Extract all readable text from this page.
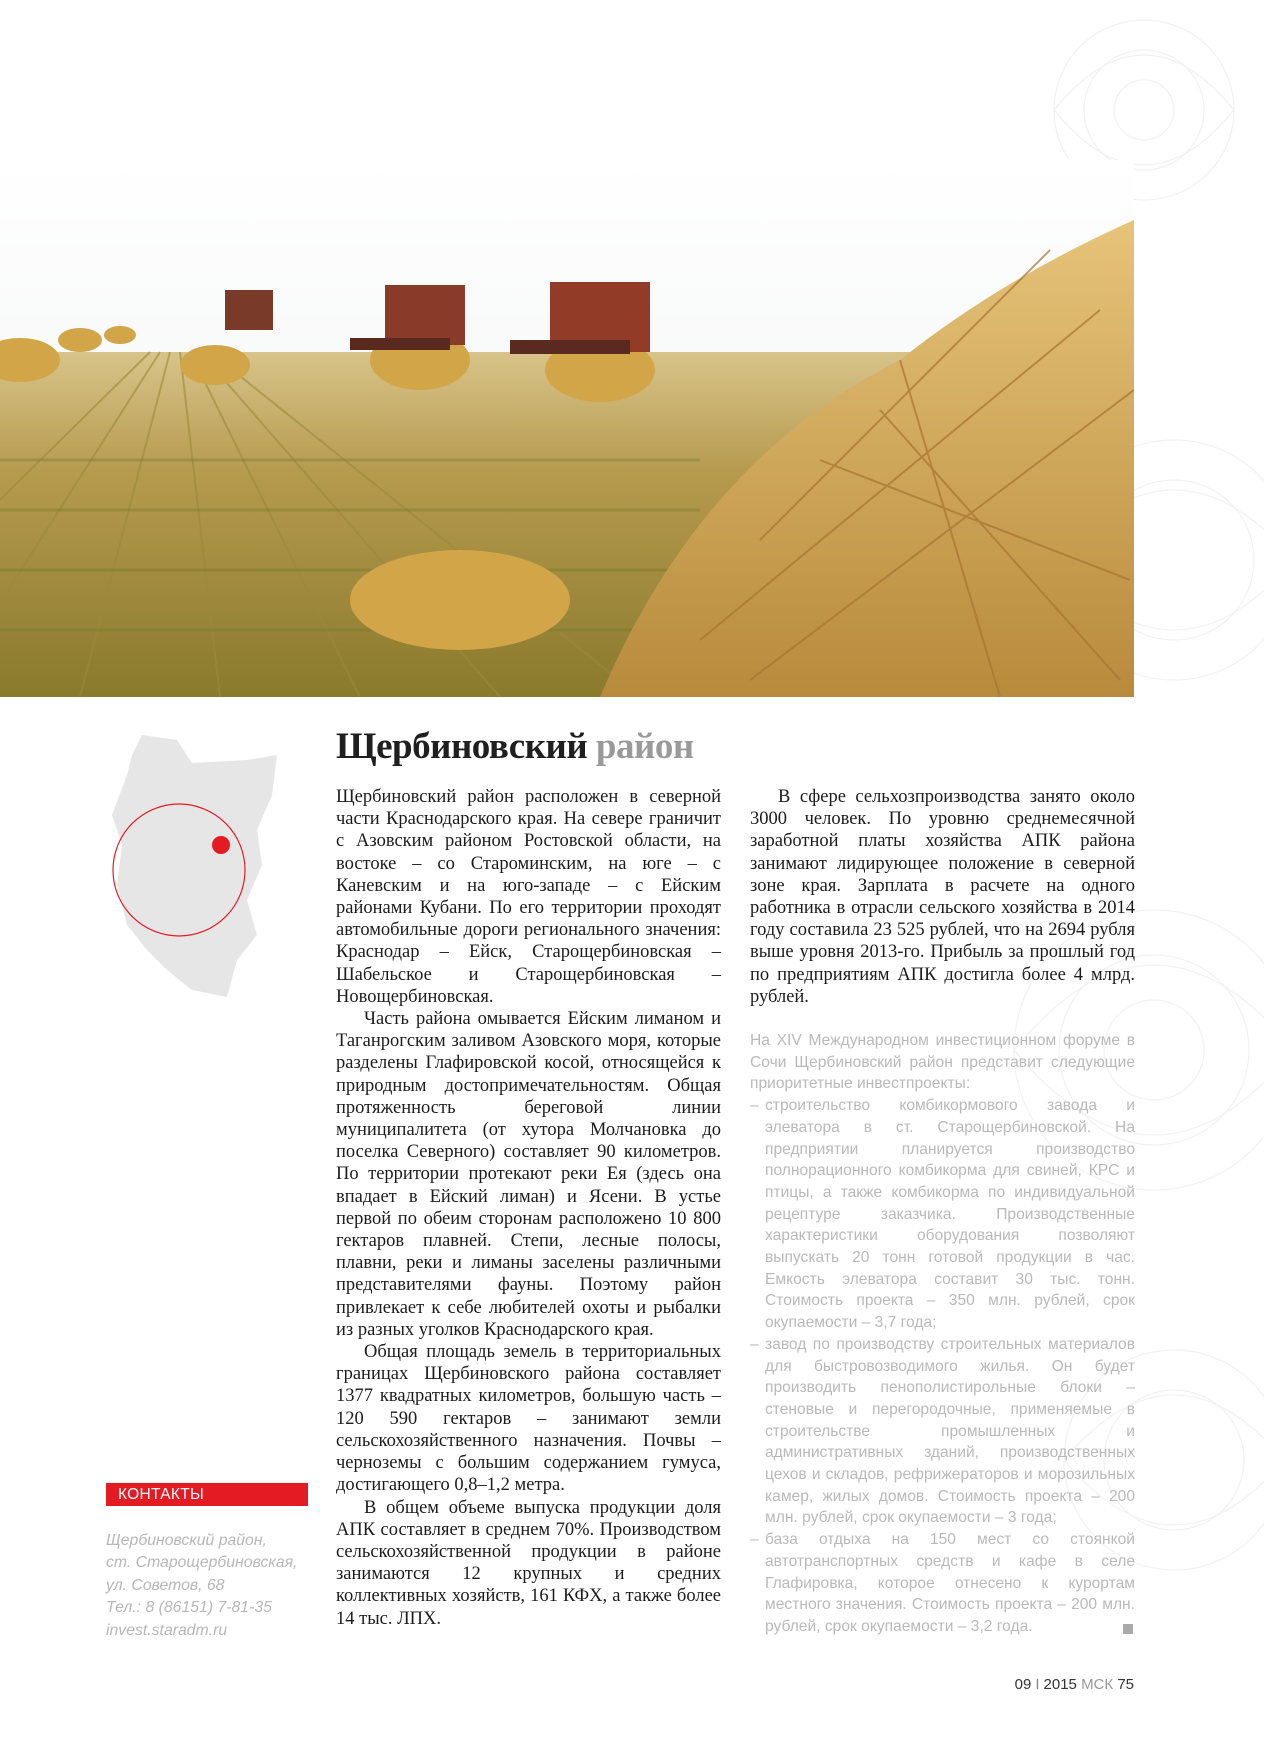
Щербиновский район

Щербиновский район расположен в северной части Краснодарского края. На севере граничит с Азовским районом Ростовской области, на востоке – со Староминским, на юге – с Каневским и на юго-западе – с Ейским районами Кубани. По его территории проходят автомобильные дороги регионального значения: Краснодар – Ейск, Старощербиновская – Шабельское и Старощербиновская – Новощербиновская.

Часть района омывается Ейским лиманом и Таганрогским заливом Азовского моря, которые разделены Глафировской косой, относящейся к природным достопримечательностям. Общая протяженность береговой линии муниципалитета (от хутора Молчановка до поселка Северного) составляет 90 километров. По территории протекают реки Ея (здесь она впадает в Ейский лиман) и Ясени. В устье первой по обеим сторонам расположено 10 800 гектаров плавней. Степи, лесные полосы, плавни, реки и лиманы заселены различными представителями фауны. Поэтому район привлекает к себе любителей охоты и рыбалки из разных уголков Краснодарского края.

Общая площадь земель в территориальных границах Щербиновского района составляет 1377 квадратных километров, большую часть – 120 590 гектаров – занимают земли сельскохозяйственного назначения. Почвы – черноземы с большим содержанием гумуса, достигающего 0,8–1,2 метра.

В общем объеме выпуска продукции доля АПК составляет в среднем 70%. Производством сельскохозяйственной продукции в районе занимаются 12 крупных и средних коллективных хозяйств, 161 КФХ, а также более 14 тыс. ЛПХ.

В сфере сельхозпроизводства занято около 3000 человек. По уровню среднемесячной заработной платы хозяйства АПК района занимают лидирующее положение в северной зоне края. Зарплата в расчете на одного работника в отрасли сельского хозяйства в 2014 году составила 23 525 рублей, что на 2694 рубля выше уровня 2013-го. Прибыль за прошлый год по предприятиям АПК достигла более 4 млрд. рублей.

На XIV Международном инвестиционном форуме в Сочи Щербиновский район представит следующие приоритетные инвестпроекты:

– строительство комбикормового завода и элеватора в ст. Старощербиновской. На предприятии планируется производство полнорационного комбикорма для свиней, КРС и птицы, а также комбикорма по индивидуальной рецептуре заказчика. Производственные характеристики оборудования позволяют выпускать 20 тонн готовой продукции в час. Емкость элеватора составит 30 тыс. тонн. Стоимость проекта – 350 млн. рублей, срок окупаемости – 3,7 года;
– завод по производству строительных материалов для быстровозводимого жилья. Он будет производить пенополистирольные блоки – стеновые и перегородочные, применяемые в строительстве промышленных и административных зданий, производственных цехов и складов, рефрижераторов и морозильных камер, жилых домов. Стоимость проекта – 200 млн. рублей, срок окупаемости – 3 года;
– база отдыха на 150 мест со стоянкой автотранспортных средств и кафе в селе Глафировка, которое отнесено к курортам местного значения. Стоимость проекта – 200 млн. рублей, срок окупаемости – 3,2 года.
КОНТАКТЫ
Щербиновский район,
ст. Старощербиновская,
ул. Советов, 68
Тел.: 8 (86151) 7-81-35
invest.staradm.ru
09 I 2015 МСК 75
